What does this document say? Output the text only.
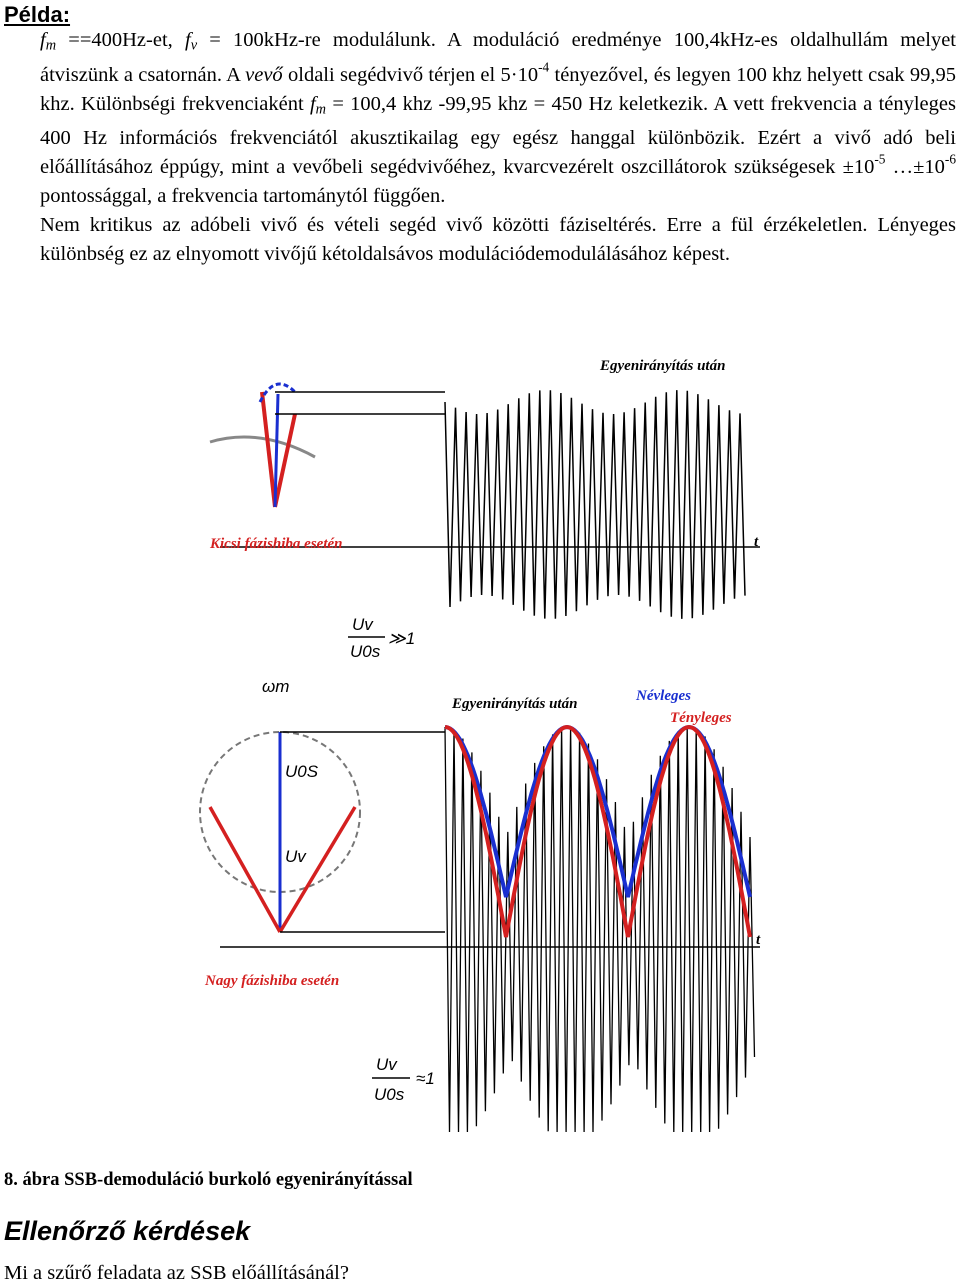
Példa:

$f_m ==400Hz-et$, $f_v = 100kHz-re$ modulálunk. A moduláció eredménye 100,4kHz-es oldalhullám melyet átviszünk a csatornán. A vevő oldali segédvivő térjen el $5\cdot 10^{-4}$ tényezővel, és legyen 100 khz helyett csak 99,95 khz. Különbségi frekvenciaként $f_m = 100,4$ khz -99,95 khz = 450 Hz keletkezik. A vett frekvencia a tényleges 400 Hz információs frekvenciától akusztikailag egy egész hanggal különbözik. Ezért a vivő adó beli előállításához éppúgy, mint a vevőbeli segédvivőéhez, kvarcvezérelt oszcillátorok szükségesek $\pm 10^{-5}$ $\dots\pm 10^{-6}$ pontossággal, a frekvencia tartománytól függően.

Nem kritikus az adóbeli vivő és vételi segéd vivő közötti fáziseltérés. Erre a fül érzékeletlen. Lényeges különbség ez az elnyomott vivőjű kétoldalsávos modulációdemodulálásához képest.

Egyenirányítás után
Kicsi fázishiba esetén	t
Uv
U0s
≫1
ωm
Egyenirányítás után	Névleges
Tényleges
U0S
Uv
t
Nagy fázishiba esetén
Uv
U0s
≈1
8. ábra SSB-demoduláció burkoló egyenirányítással
Ellenőrző kérdések
Mi a szűrő feladata az SSB előállításánál?
